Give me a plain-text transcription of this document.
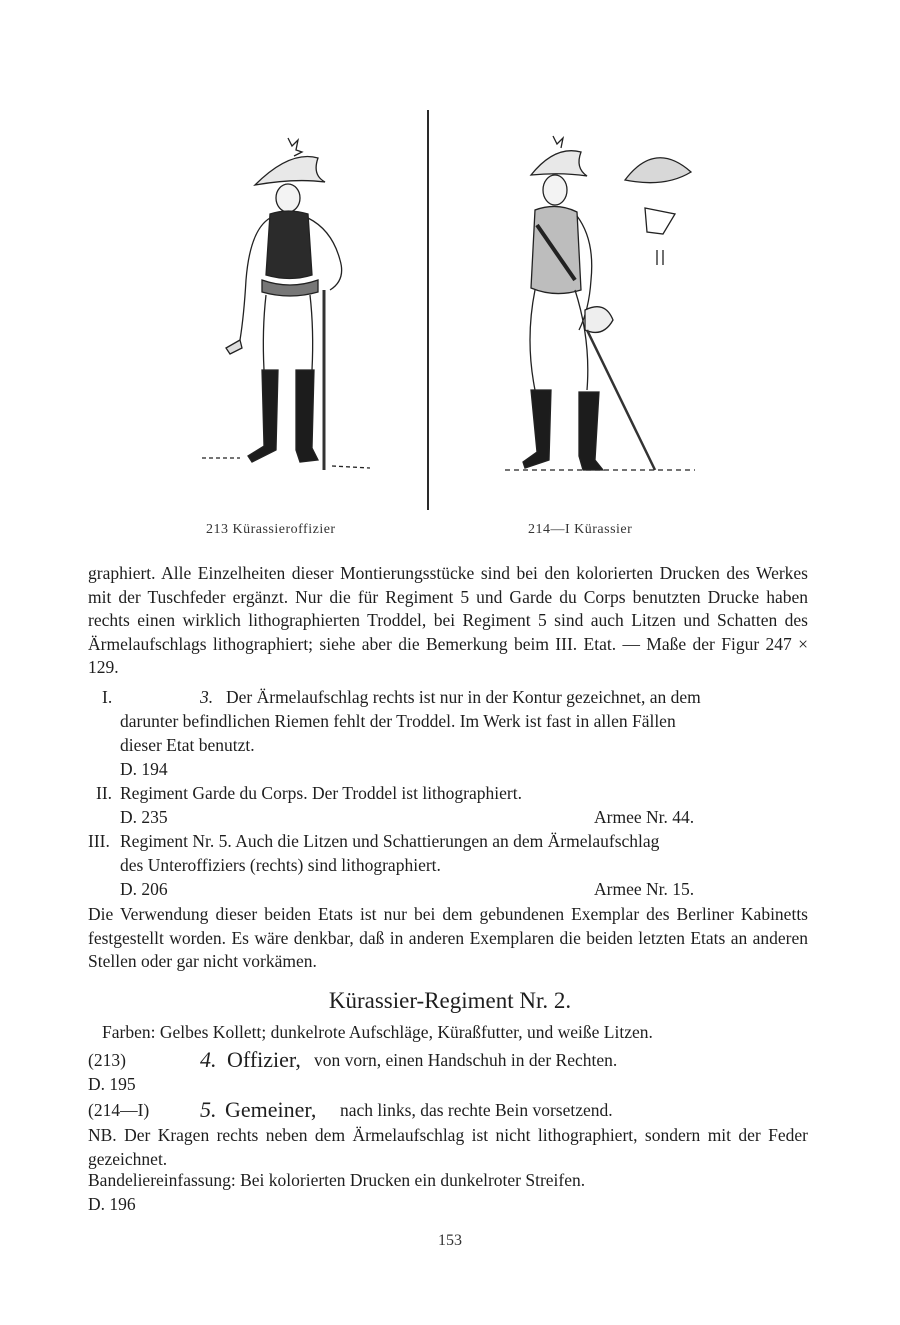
213 Kürassieroffizier	214—I Kürassier
graphiert. Alle Einzelheiten dieser Montierungsstücke sind bei den kolorierten Drucken des Werkes mit der Tuschfeder ergänzt. Nur die für Regiment 5 und Garde du Corps benutzten Drucke haben rechts einen wirklich lithographierten Troddel, bei Regiment 5 sind auch Litzen und Schatten des Ärmelaufschlags lithographiert; siehe aber die Bemerkung beim III. Etat. — Maße der Figur 247 × 129.
I.	3. Der Ärmelaufschlag rechts ist nur in der Kontur gezeichnet, an dem
darunter befindlichen Riemen fehlt der Troddel. Im Werk ist fast in allen Fällen
dieser Etat benutzt.
D. 194
II. Regiment Garde du Corps. Der Troddel ist lithographiert.
D. 235	Armee Nr. 44.
III. Regiment Nr. 5. Auch die Litzen und Schattierungen an dem Ärmelaufschlag
des Unteroffiziers (rechts) sind lithographiert.
D. 206	Armee Nr. 15.
Die Verwendung dieser beiden Etats ist nur bei dem gebundenen Exemplar des Berliner Kabinetts festgestellt worden. Es wäre denkbar, daß in anderen Exemplaren die beiden letzten Etats an anderen Stellen oder gar nicht vorkämen.
Kürassier-Regiment Nr. 2.
Farben: Gelbes Kollett; dunkelrote Aufschläge, Küraßfutter, und weiße Litzen.
(213)	4. Offizier, von vorn, einen Handschuh in der Rechten.
D. 195
(214—I) 5. Gemeiner, nach links, das rechte Bein vorsetzend.
NB. Der Kragen rechts neben dem Ärmelaufschlag ist nicht lithographiert, sondern mit der Feder gezeichnet.
Bandeliereinfassung: Bei kolorierten Drucken ein dunkelroter Streifen.
D. 196
153
